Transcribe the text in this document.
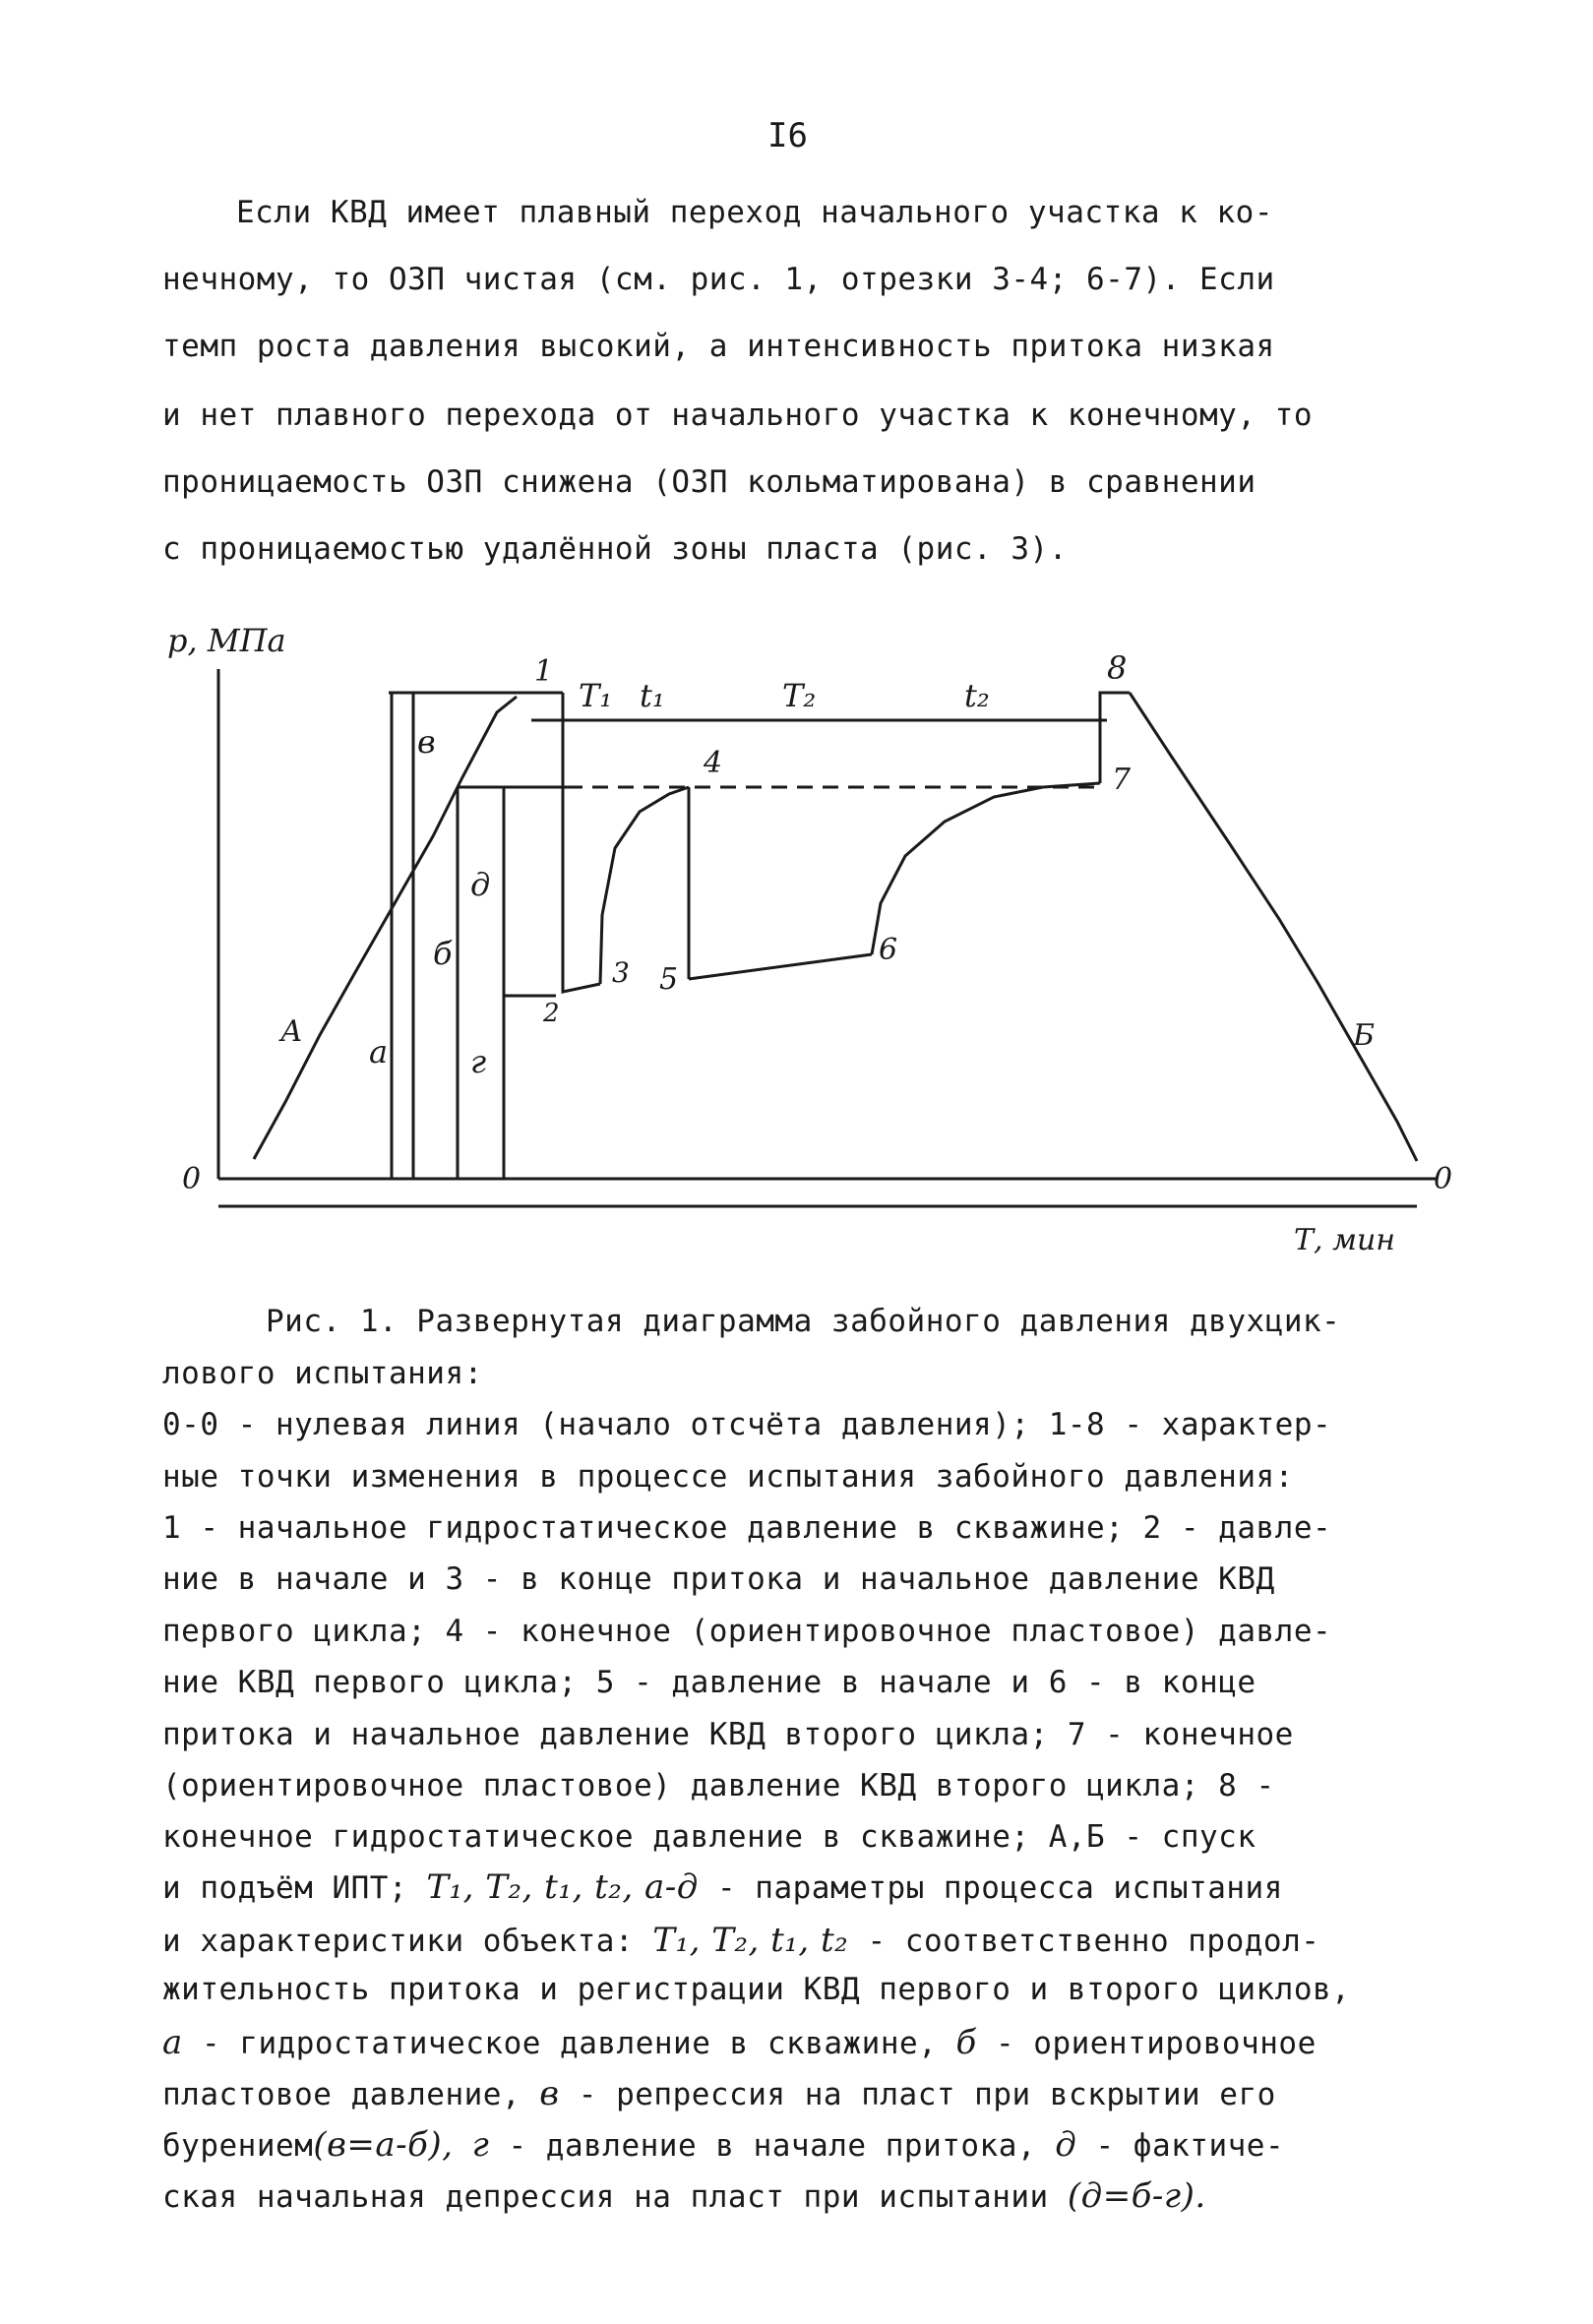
I6
Если КВД имеет плавный переход начального участка к ко-
нечному, то ОЗП чистая (см. рис. 1, отрезки 3-4; 6-7). Если
темп роста давления высокий, а интенсивность притока низкая
и нет плавного перехода от начального участка к конечному, то
проницаемость ОЗП снижена (ОЗП кольматирована) в сравнении
с проницаемостью удалённой зоны пласта (рис. 3).
р, МПа
Т, мин
0	0
1
2
3
4
5
6
7
8
T₁ t₁	T₂	t₂
а
б
в
г
д
А	Б
Рис. 1. Развернутая диаграмма забойного давления двухцик-
лового испытания:
0-0 - нулевая линия (начало отсчёта давления); 1-8 - характер-
ные точки изменения в процессе испытания забойного давления:
1 - начальное гидростатическое давление в скважине; 2 - давле-
ние в начале и 3 - в конце притока и начальное давление КВД
первого цикла; 4 - конечное (ориентировочное пластовое) давле-
ние КВД первого цикла; 5 - давление в начале и 6 - в конце
притока и начальное давление КВД второго цикла; 7 - конечное
(ориентировочное пластовое) давление КВД второго цикла; 8 -
конечное гидростатическое давление в скважине; А,Б - спуск
и подъём ИПТ; T₁, T₂, t₁, t₂, а-д - параметры процесса испытания
и характеристики объекта: T₁, T₂, t₁, t₂ - соответственно продол-
жительность притока и регистрации КВД первого и второго циклов,
а - гидростатическое давление в скважине, б - ориентировочное
пластовое давление, в - репрессия на пласт при вскрытии его
бурением(в=а-б), г - давление в начале притока, д - фактиче-
ская начальная депрессия на пласт при испытании (д=б-г).
